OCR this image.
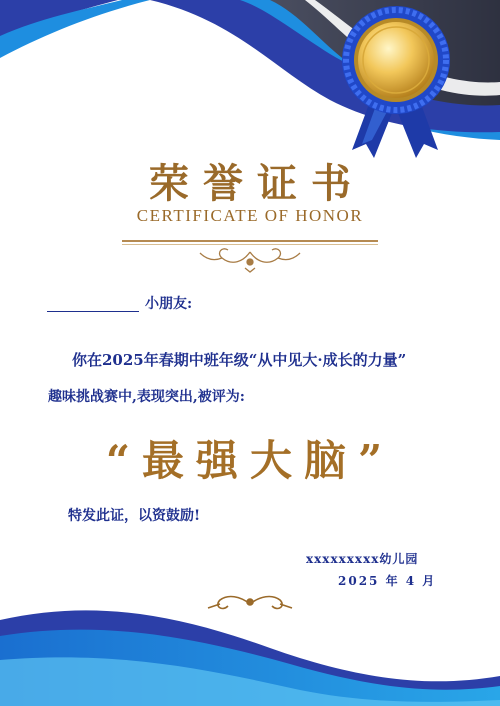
荣誉证书
CERTIFICATE OF HONOR
小朋友:
你在2025年春期中班年级“从中见大·成长的力量”
趣味挑战赛中,表现突出,被评为:
“最强大脑”
特发此证，以资鼓励!
xxxxxxxxx幼儿园
2025 年 4 月
